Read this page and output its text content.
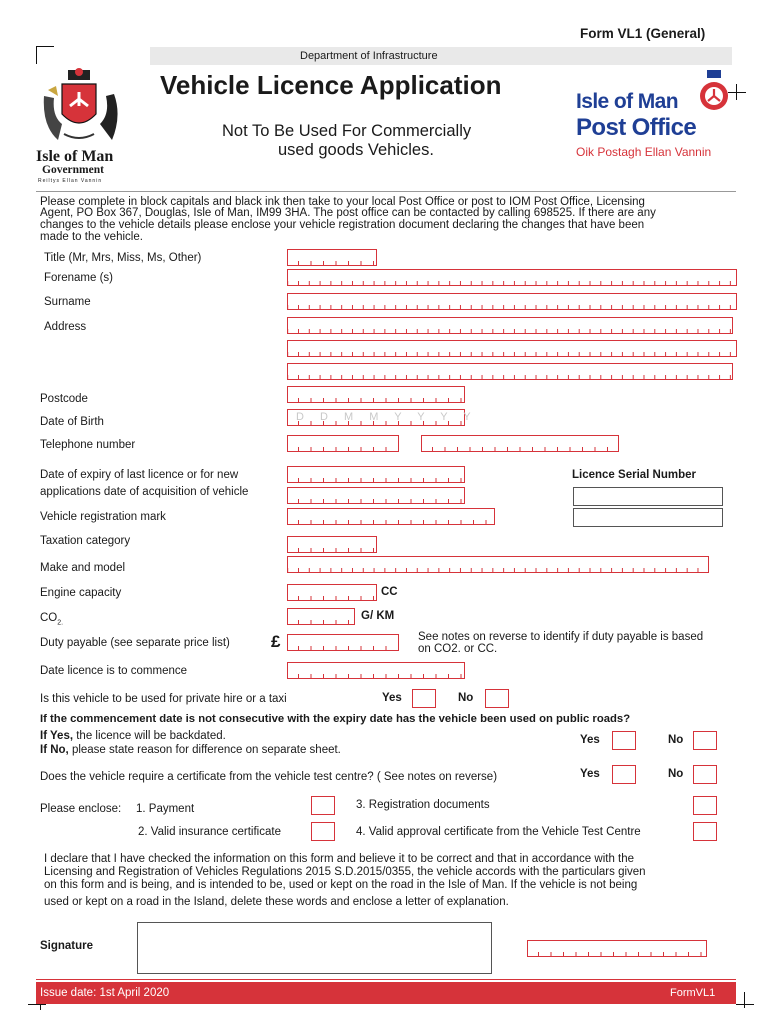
Form VL1 (General)
Department of Infrastructure
Vehicle Licence Application
Not To Be Used For Commercially
used goods Vehicles.
Isle of Man
Government
Reiltys Ellan Vannin
Isle of Man
Post Office
Oik Postagh Ellan Vannin
Please complete in block capitals and black ink then take to your local Post Office or post to IOM Post Office, Licensing
Agent, PO Box 367, Douglas, Isle of Man, IM99 3HA. The post office can be contacted by calling 698525. If there are any
changes to the vehicle details please enclose your vehicle registration document declaring the changes that have been
made to the vehicle.
Title (Mr, Mrs, Miss, Ms, Other)
Forename (s)
Surname
Address
Postcode
Date of Birth	D D M M Y Y Y Y
Telephone number
Date of expiry of last licence or for new
applications date of acquisition of vehicle
Licence Serial Number
Vehicle registration mark
Taxation category
Make and model
Engine capacity	CC
$CO_{2.}$
G/ KM
Duty payable (see separate price list) £	See notes on reverse to identify if duty payable is based
on CO2. or CC.
Date licence is to commence
Is this vehicle to be used for private hire or a taxi	Yes	No
If the commencement date is not consecutive with the expiry date has the vehicle been used on public roads?
If Yes, the licence will be backdated.
If No, please state reason for difference on separate sheet.
Yes	No
Does the vehicle require a certificate from the vehicle test centre? ( See notes on reverse)	Yes	No
Please enclose: 1. Payment	3. Registration documents
2. Valid insurance certificate	4. Valid approval certificate from the Vehicle Test Centre
I declare that I have checked the information on this form and believe it to be correct and that in accordance with the
Licensing and Registration of Vehicles Regulations 2015 S.D.2015/0355, the vehicle accords with the particulars given
on this form and is being, and is intended to be, used or kept on the road in the Isle of Man. If the vehicle is not being
used or kept on a road in the Island, delete these words and enclose a letter of explanation.
Signature
Issue date: 1st April 2020	FormVL1
